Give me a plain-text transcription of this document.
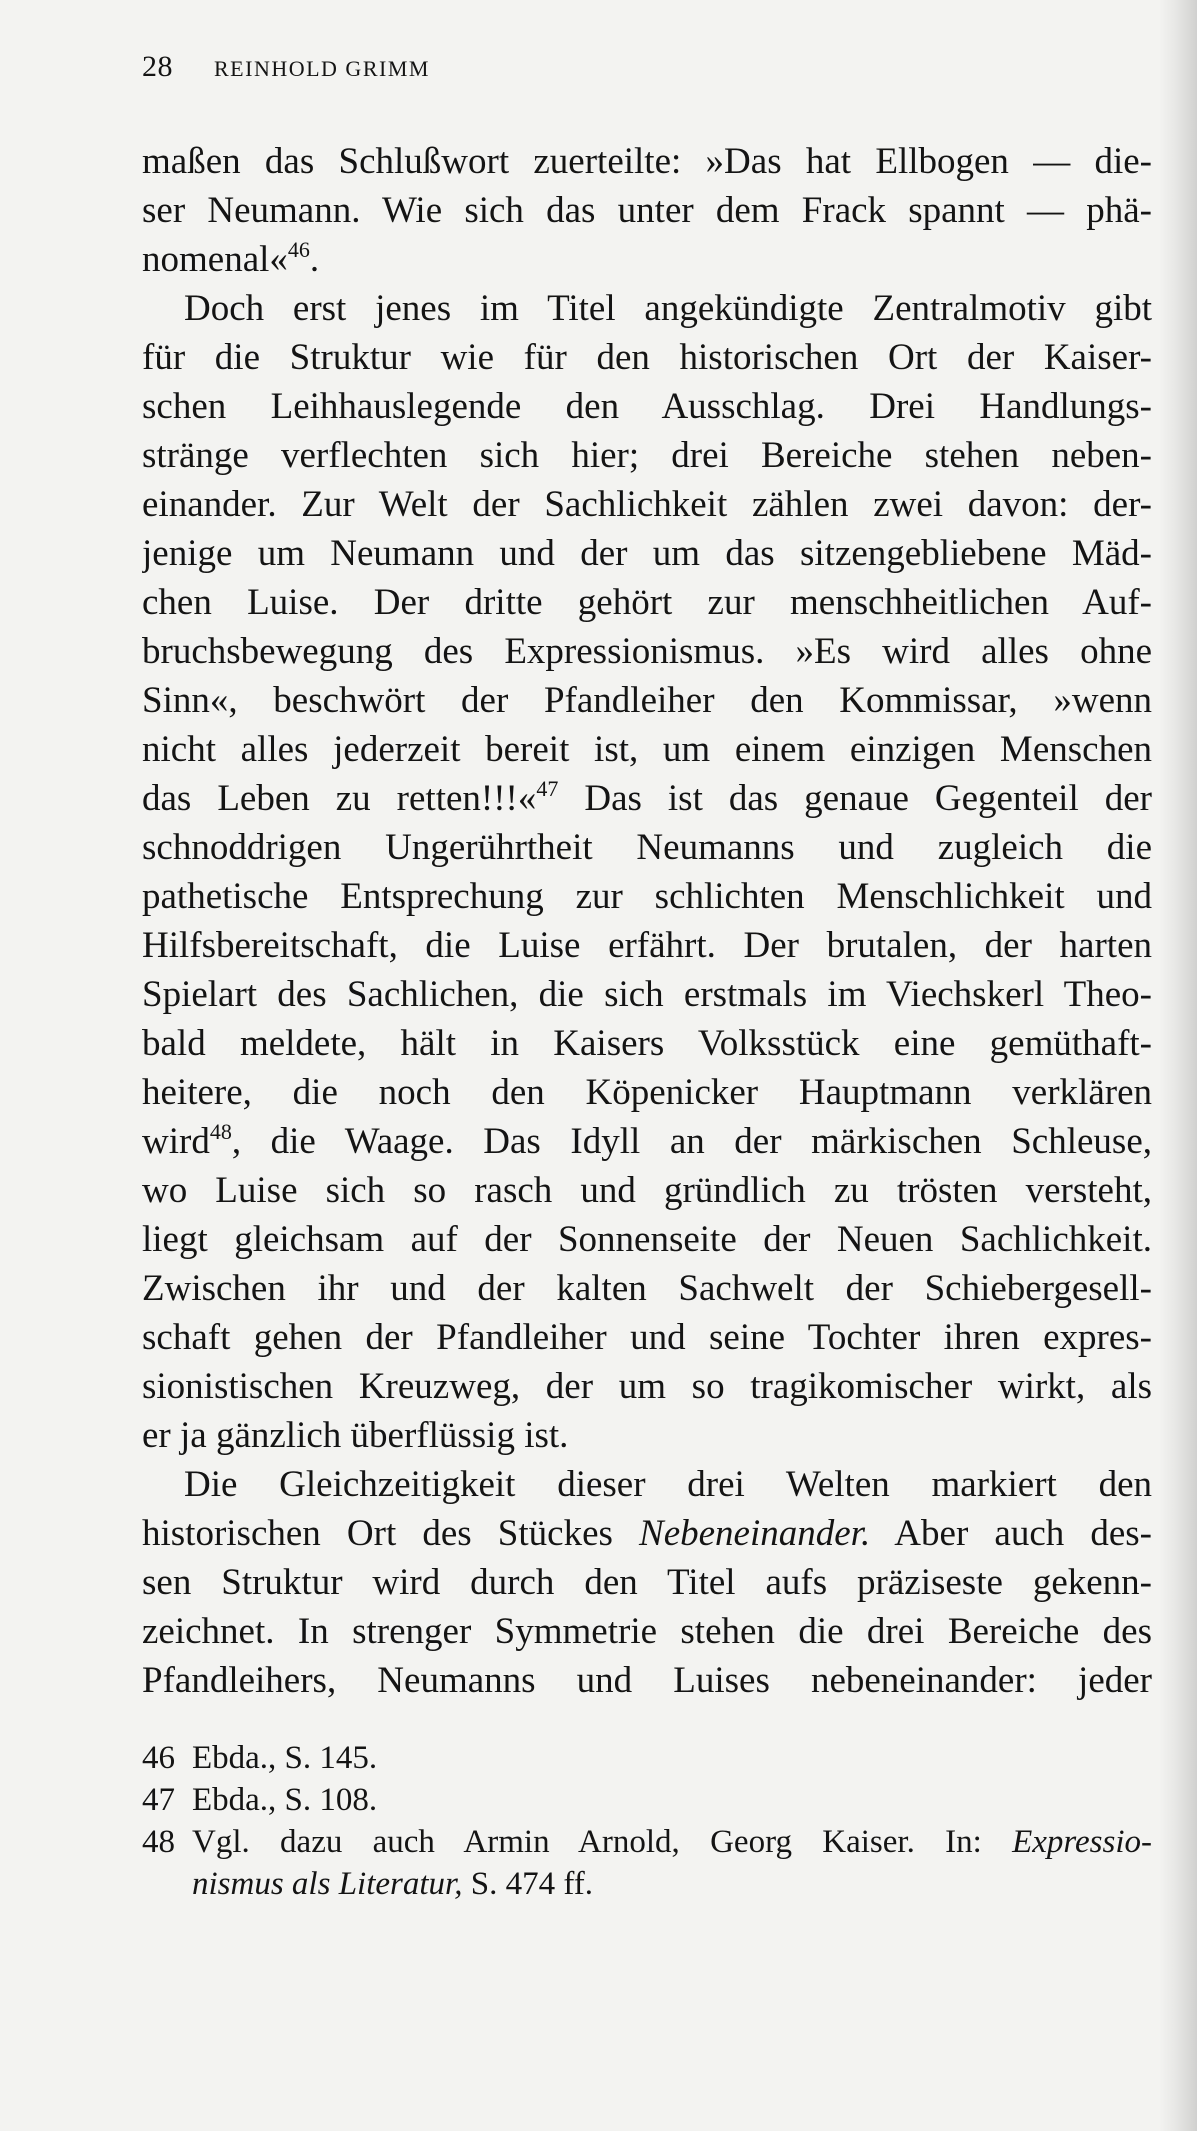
28 REINHOLD GRIMM
maßen das Schlußwort zuerteilte: »Das hat Ellbogen — die-
ser Neumann. Wie sich das unter dem Frack spannt — phä-
nomenal«$^{46}$.
Doch erst jenes im Titel angekündigte Zentralmotiv gibt
für die Struktur wie für den historischen Ort der Kaiser-
schen Leihhauslegende den Ausschlag. Drei Handlungs-
stränge verflechten sich hier; drei Bereiche stehen neben-
einander. Zur Welt der Sachlichkeit zählen zwei davon: der-
jenige um Neumann und der um das sitzengebliebene Mäd-
chen Luise. Der dritte gehört zur menschheitlichen Auf-
bruchsbewegung des Expressionismus. »Es wird alles ohne
Sinn«, beschwört der Pfandleiher den Kommissar, »wenn
nicht alles jederzeit bereit ist, um einem einzigen Menschen
das Leben zu retten!!!«$^{47}$ Das ist das genaue Gegenteil der
schnoddrigen Ungerührtheit Neumanns und zugleich die
pathetische Entsprechung zur schlichten Menschlichkeit und
Hilfsbereitschaft, die Luise erfährt. Der brutalen, der harten
Spielart des Sachlichen, die sich erstmals im Viechskerl Theo-
bald meldete, hält in Kaisers Volksstück eine gemüthaft-
heitere, die noch den Köpenicker Hauptmann verklären
wird$^{48}$, die Waage. Das Idyll an der märkischen Schleuse,
wo Luise sich so rasch und gründlich zu trösten versteht,
liegt gleichsam auf der Sonnenseite der Neuen Sachlichkeit.
Zwischen ihr und der kalten Sachwelt der Schiebergesell-
schaft gehen der Pfandleiher und seine Tochter ihren expres-
sionistischen Kreuzweg, der um so tragikomischer wirkt, als
er ja gänzlich überflüssig ist.
Die Gleichzeitigkeit dieser drei Welten markiert den
historischen Ort des Stückes Nebeneinander. Aber auch des-
sen Struktur wird durch den Titel aufs präziseste gekenn-
zeichnet. In strenger Symmetrie stehen die drei Bereiche des
Pfandleihers, Neumanns und Luises nebeneinander: jeder
46 Ebda., S. 145.
47 Ebda., S. 108.
48 Vgl. dazu auch Armin Arnold, Georg Kaiser. In: Expressio-
nismus als Literatur, S. 474 ff.
